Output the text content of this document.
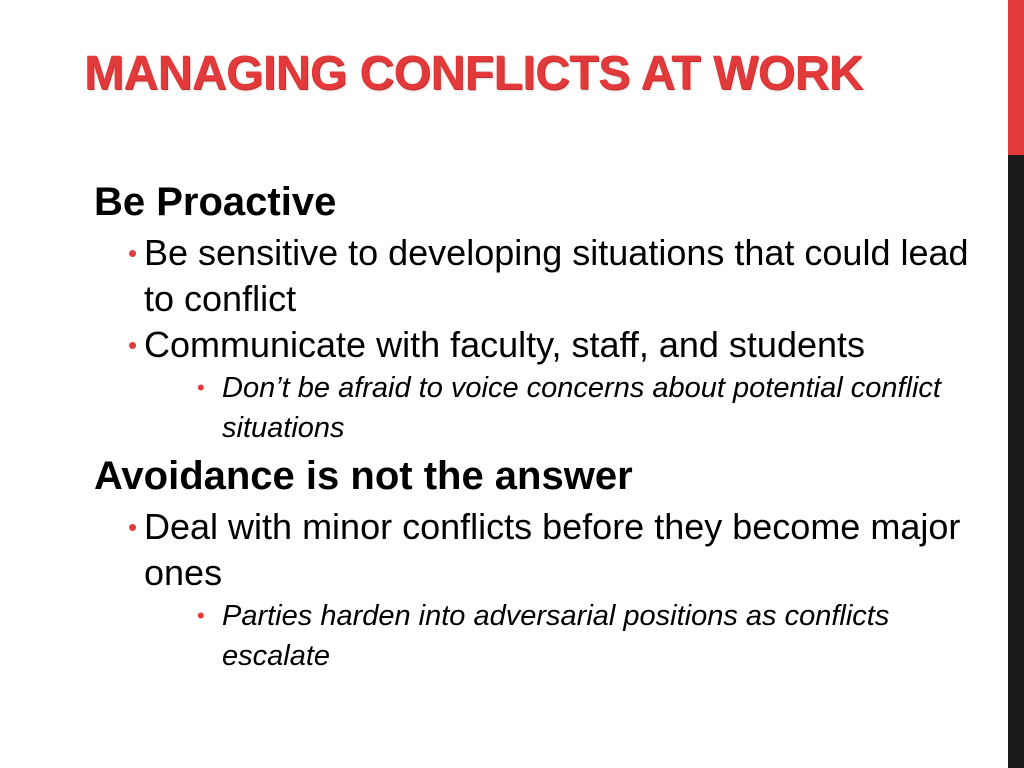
MANAGING CONFLICTS AT WORK
Be Proactive
• Be sensitive to developing situations that could lead to conflict
• Communicate with faculty, staff, and students
• Don’t be afraid to voice concerns about potential conflict situations
Avoidance is not the answer
• Deal with minor conflicts before they become major ones
• Parties harden into adversarial positions as conflicts escalate
